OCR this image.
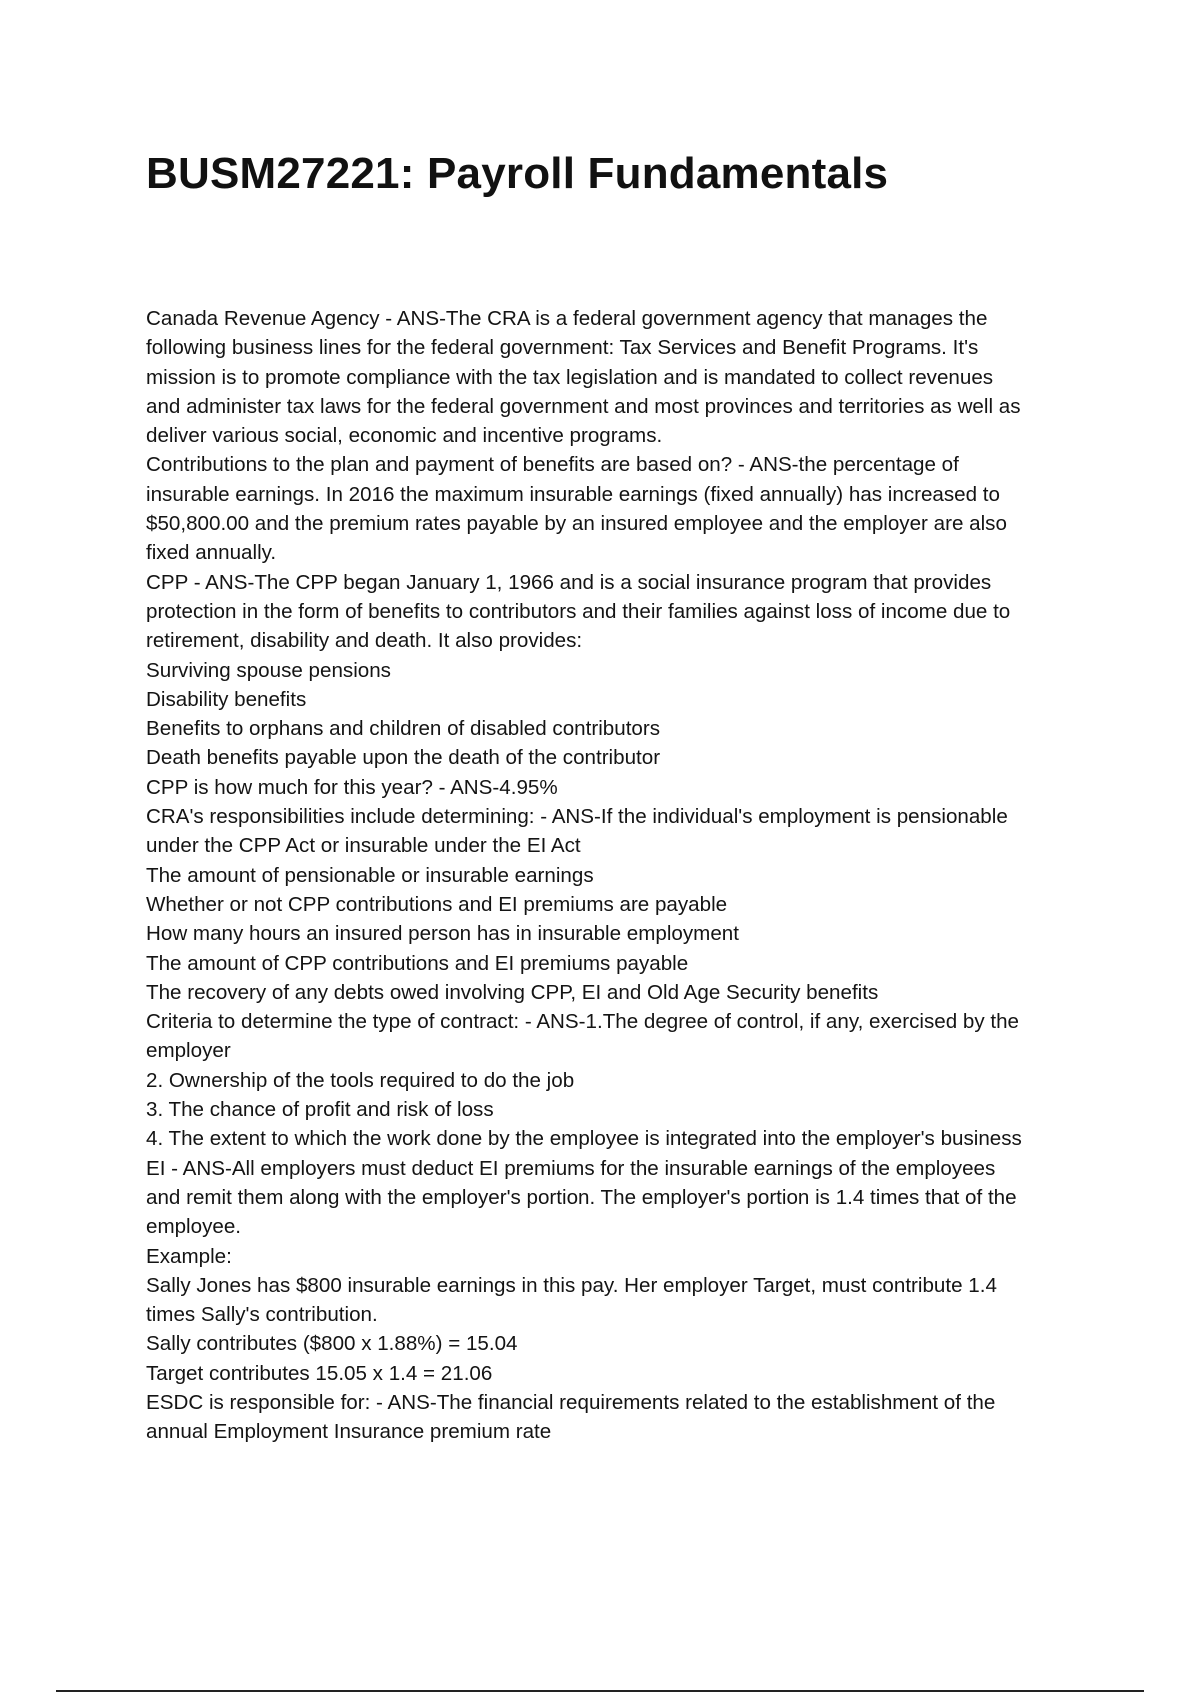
BUSM27221: Payroll Fundamentals
Canada Revenue Agency - ANS-The CRA is a federal government agency that manages the
following business lines for the federal government: Tax Services and Benefit Programs. It's
mission is to promote compliance with the tax legislation and is mandated to collect revenues
and administer tax laws for the federal government and most provinces and territories as well as
deliver various social, economic and incentive programs.
Contributions to the plan and payment of benefits are based on? - ANS-the percentage of
insurable earnings. In 2016 the maximum insurable earnings (fixed annually) has increased to
$50,800.00 and the premium rates payable by an insured employee and the employer are also
fixed annually.
CPP - ANS-The CPP began January 1, 1966 and is a social insurance program that provides
protection in the form of benefits to contributors and their families against loss of income due to
retirement, disability and death. It also provides:
Surviving spouse pensions
Disability benefits
Benefits to orphans and children of disabled contributors
Death benefits payable upon the death of the contributor
CPP is how much for this year? - ANS-4.95%
CRA's responsibilities include determining: - ANS-If the individual's employment is pensionable
under the CPP Act or insurable under the EI Act
The amount of pensionable or insurable earnings
Whether or not CPP contributions and EI premiums are payable
How many hours an insured person has in insurable employment
The amount of CPP contributions and EI premiums payable
The recovery of any debts owed involving CPP, EI and Old Age Security benefits
Criteria to determine the type of contract: - ANS-1.The degree of control, if any, exercised by the
employer
2. Ownership of the tools required to do the job
3. The chance of profit and risk of loss
4. The extent to which the work done by the employee is integrated into the employer's business
EI - ANS-All employers must deduct EI premiums for the insurable earnings of the employees
and remit them along with the employer's portion. The employer's portion is 1.4 times that of the
employee.
Example:
Sally Jones has $800 insurable earnings in this pay. Her employer Target, must contribute 1.4
times Sally's contribution.
Sally contributes ($800 x 1.88%) = 15.04
Target contributes 15.05 x 1.4 = 21.06
ESDC is responsible for: - ANS-The financial requirements related to the establishment of the
annual Employment Insurance premium rate
